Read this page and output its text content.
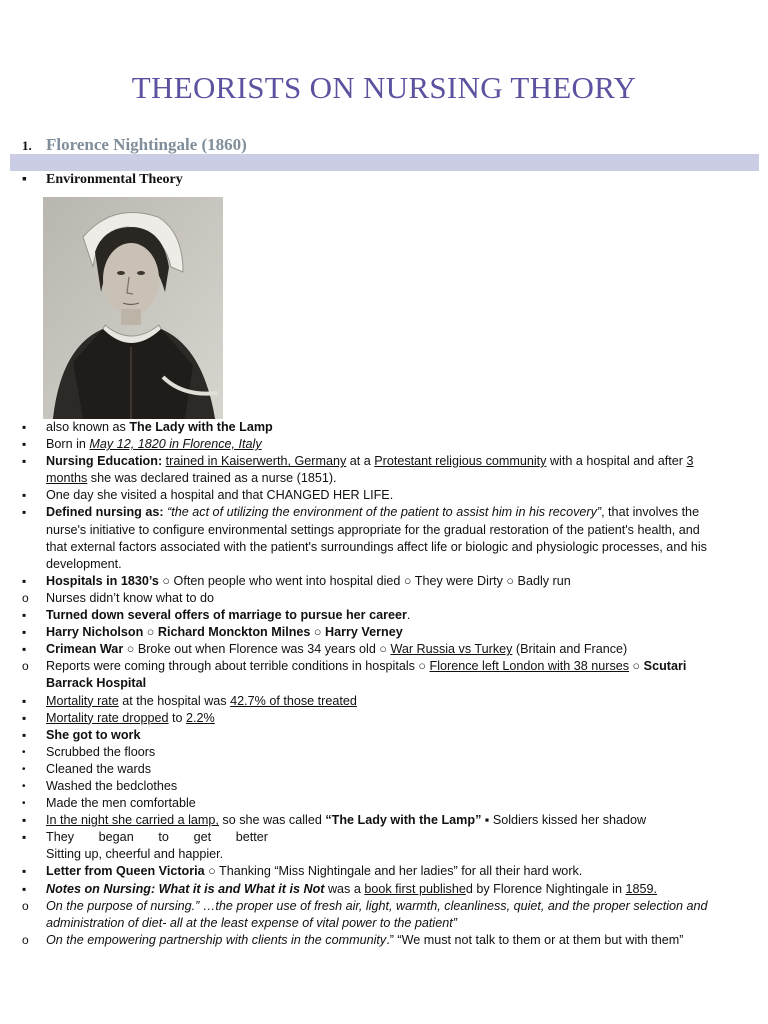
THEORISTS ON NURSING THEORY
1. Florence Nightingale (1860)
▪ Environmental Theory
▪
also known as The Lady with the Lamp
▪
Born in May 12, 1820 in Florence, Italy
▪
Nursing Education: trained in Kaiserwerth, Germany at a Protestant religious community with a hospital and after 3 months she was declared trained as a nurse (1851).
▪
One day she visited a hospital and that CHANGED HER LIFE.
▪
Defined nursing as: “the act of utilizing the environment of the patient to assist him in his recovery”, that involves the nurse's initiative to configure environmental settings appropriate for the gradual restoration of the patient's health, and that external factors associated with the patient's surroundings affect life or biologic and physiologic processes, and his development.
▪
Hospitals in 1830’s ○ Often people who went into hospital died ○ They were Dirty ○ Badly run
o
Nurses didn’t know what to do
▪
Turned down several offers of marriage to pursue her career.
▪
Harry Nicholson ○ Richard Monckton Milnes ○ Harry Verney
▪
Crimean War ○ Broke out when Florence was 34 years old ○ War Russia vs Turkey (Britain and France)
o
Reports were coming through about terrible conditions in hospitals ○ Florence left London with 38 nurses ○ Scutari Barrack Hospital
▪
Mortality rate at the hospital was 42.7% of those treated
▪
Mortality rate dropped to 2.2%
▪
She got to work
•
Scrubbed the floors
•
Cleaned the wards
•
Washed the bedclothes
•
Made the men comfortable
▪
In the night she carried a lamp, so she was called “The Lady with the Lamp” ▪ Soldiers kissed her shadow
▪
They began to get better
Sitting up, cheerful and happier.
▪
Letter from Queen Victoria ○ Thanking “Miss Nightingale and her ladies” for all their hard work.
▪
Notes on Nursing: What it is and What it is Not was a book first published by Florence Nightingale in 1859.
o
On the purpose of nursing.” …the proper use of fresh air, light, warmth, cleanliness, quiet, and the proper selection and administration of diet- all at the least expense of vital power to the patient”
o
On the empowering partnership with clients in the community.” “We must not talk to them or at them but with them”
